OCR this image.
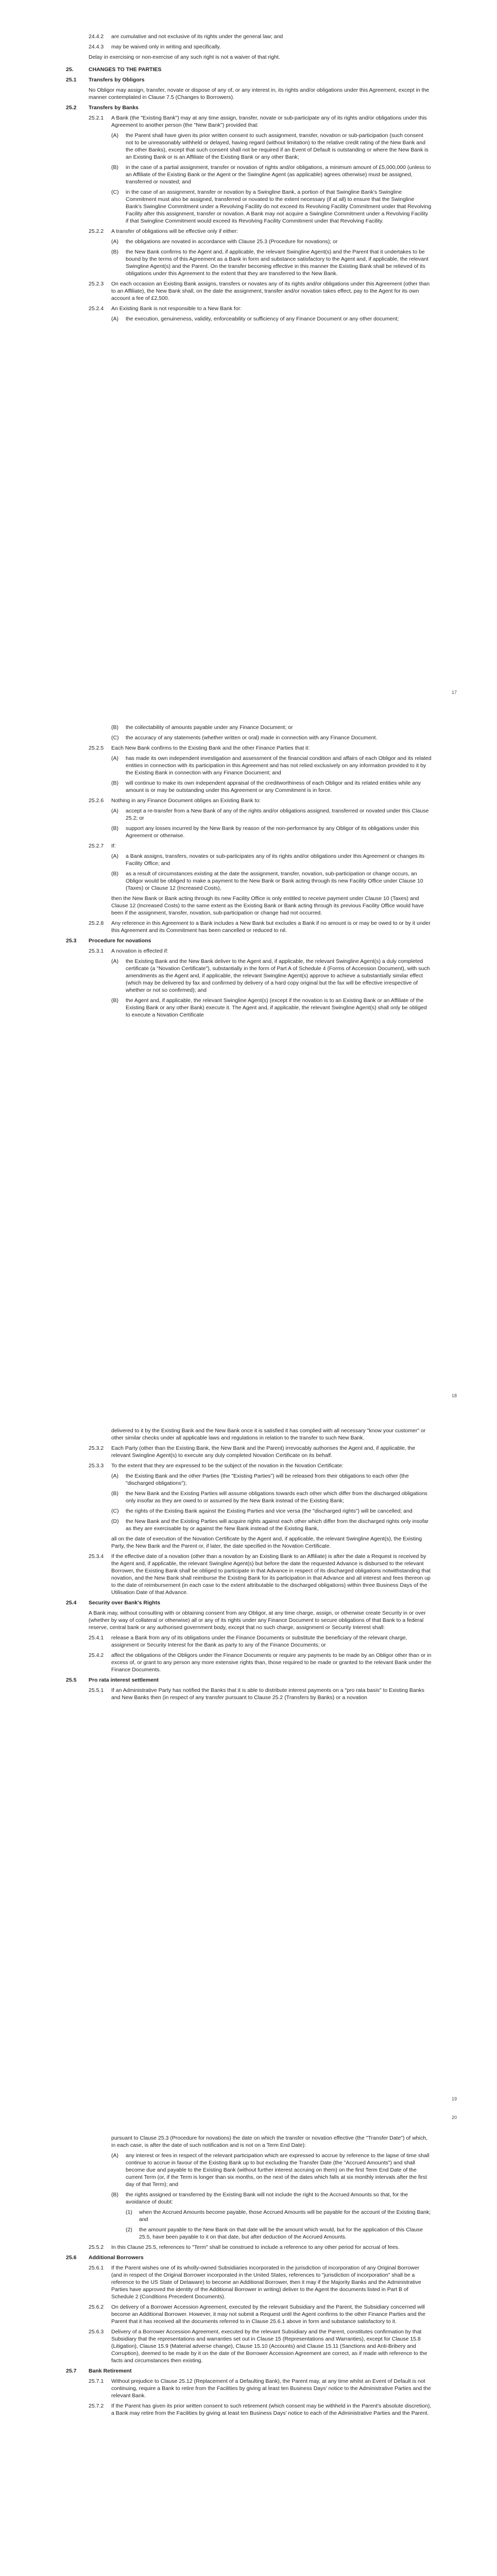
24.4.2	are cumulative and not exclusive of its rights under the general law; and
24.4.3	may be waived only in writing and specifically.
Delay in exercising or non-exercise of any such right is not a waiver of that right.
25.	CHANGES TO THE PARTIES
25.1	Transfers by Obligors
No Obligor may assign, transfer, novate or dispose of any of, or any interest in, its rights and/or obligations under this Agreement, except in the manner contemplated in Clause 7.5 (Changes to Borrowers).
25.2	Transfers by Banks
25.2.1	A Bank (the "Existing Bank") may at any time assign, transfer, novate or sub-participate any of its rights and/or obligations under this Agreement to another person (the "New Bank") provided that:
(A)	the Parent shall have given its prior written consent to such assignment, transfer, novation or sub-participation (such consent not to be unreasonably withheld or delayed, having regard (without limitation) to the relative credit rating of the New Bank and the other Banks), except that such consent shall not be required if an Event of Default is outstanding or where the New Bank is an Existing Bank or is an Affiliate of the Existing Bank or any other Bank;
(B)	in the case of a partial assignment, transfer or novation of rights and/or obligations, a minimum amount of £5,000,000 (unless to an Affiliate of the Existing Bank or the Agent or the Swingline Agent (as applicable) agrees otherwise) must be assigned, transferred or novated; and
(C)	in the case of an assignment, transfer or novation by a Swingline Bank, a portion of that Swingline Bank's Swingline Commitment must also be assigned, transferred or novated to the extent necessary (if at all) to ensure that the Swingline Bank's Swingline Commitment under a Revolving Facility do not exceed its Revolving Facility Commitment under that Revolving Facility after this assignment, transfer or novation. A Bank may not acquire a Swingline Commitment under a Revolving Facility if that Swingline Commitment would exceed its Revolving Facility Commitment under that Revolving Facility.
25.2.2	A transfer of obligations will be effective only if either:
(A)	the obligations are novated in accordance with Clause 25.3 (Procedure for novations); or
(B)	the New Bank confirms to the Agent and, if applicable, the relevant Swingline Agent(s) and the Parent that it undertakes to be bound by the terms of this Agreement as a Bank in form and substance satisfactory to the Agent and, if applicable, the relevant Swingline Agent(s) and the Parent. On the transfer becoming effective in this manner the Existing Bank shall be relieved of its obligations under this Agreement to the extent that they are transferred to the New Bank.
25.2.3	On each occasion an Existing Bank assigns, transfers or novates any of its rights and/or obligations under this Agreement (other than to an Affiliate), the New Bank shall, on the date the assignment, transfer and/or novation takes effect, pay to the Agent for its own account a fee of £2,500.
25.2.4	An Existing Bank is not responsible to a New Bank for:
(A)	the execution, genuineness, validity, enforceability or sufficiency of any Finance Document or any other document;
17
(B)	the collectability of amounts payable under any Finance Document; or
(C)	the accuracy of any statements (whether written or oral) made in connection with any Finance Document.
25.2.5	Each New Bank confirms to the Existing Bank and the other Finance Parties that it:
(A)	has made its own independent investigation and assessment of the financial condition and affairs of each Obligor and its related entities in connection with its participation in this Agreement and has not relied exclusively on any information provided to it by the Existing Bank in connection with any Finance Document; and
(B)	will continue to make its own independent appraisal of the creditworthiness of each Obligor and its related entities while any amount is or may be outstanding under this Agreement or any Commitment is in force.
25.2.6	Nothing in any Finance Document obliges an Existing Bank to:
(A)	accept a re-transfer from a New Bank of any of the rights and/or obligations assigned, transferred or novated under this Clause 25.2; or
(B)	support any losses incurred by the New Bank by reason of the non-performance by any Obligor of its obligations under this Agreement or otherwise.
25.2.7	If:
(A)	a Bank assigns, transfers, novates or sub-participates any of its rights and/or obligations under this Agreement or changes its Facility Office; and
(B)	as a result of circumstances existing at the date the assignment, transfer, novation, sub-participation or change occurs, an Obligor would be obliged to make a payment to the New Bank or Bank acting through its new Facility Office under Clause 10 (Taxes) or Clause 12 (Increased Costs),
then the New Bank or Bank acting through its new Facility Office is only entitled to receive payment under Clause 10 (Taxes) and Clause 12 (Increased Costs) to the same extent as the Existing Bank or Bank acting through its previous Facility Office would have been if the assignment, transfer, novation, sub-participation or change had not occurred.
25.2.8	Any reference in this Agreement to a Bank includes a New Bank but excludes a Bank if no amount is or may be owed to or by it under this Agreement and its Commitment has been cancelled or reduced to nil.
25.3	Procedure for novations
25.3.1	A novation is effected if:
(A)	the Existing Bank and the New Bank deliver to the Agent and, if applicable, the relevant Swingline Agent(s) a duly completed certificate (a "Novation Certificate"), substantially in the form of Part A of Schedule 4 (Forms of Accession Document), with such amendments as the Agent and, if applicable, the relevant Swingline Agent(s) approve to achieve a substantially similar effect (which may be delivered by fax and confirmed by delivery of a hard copy original but the fax will be effective irrespective of whether or not so confirmed); and
(B)	the Agent and, if applicable, the relevant Swingline Agent(s) (except if the novation is to an Existing Bank or an Affiliate of the Existing Bank or any other Bank) execute it. The Agent and, if applicable, the relevant Swingline Agent(s) shall only be obliged to execute a Novation Certificate
18
delivered to it by the Existing Bank and the New Bank once it is satisfied it has complied with all necessary "know your customer" or other similar checks under all applicable laws and regulations in relation to the transfer to such New Bank.
25.3.2	Each Party (other than the Existing Bank, the New Bank and the Parent) irrevocably authorises the Agent and, if applicable, the relevant Swingline Agent(s) to execute any duly completed Novation Certificate on its behalf.
25.3.3	To the extent that they are expressed to be the subject of the novation in the Novation Certificate:
(A)	the Existing Bank and the other Parties (the "Existing Parties") will be released from their obligations to each other (the "discharged obligations");
(B)	the New Bank and the Existing Parties will assume obligations towards each other which differ from the discharged obligations only insofar as they are owed to or assumed by the New Bank instead of the Existing Bank;
(C)	the rights of the Existing Bank against the Existing Parties and vice versa (the "discharged rights") will be cancelled; and
(D)	the New Bank and the Existing Parties will acquire rights against each other which differ from the discharged rights only insofar as they are exercisable by or against the New Bank instead of the Existing Bank,
all on the date of execution of the Novation Certificate by the Agent and, if applicable, the relevant Swingline Agent(s), the Existing Party, the New Bank and the Parent or, if later, the date specified in the Novation Certificate.
25.3.4	If the effective date of a novation (other than a novation by an Existing Bank to an Affiliate) is after the date a Request is received by the Agent and, if applicable, the relevant Swingline Agent(s) but before the date the requested Advance is disbursed to the relevant Borrower, the Existing Bank shall be obliged to participate in that Advance in respect of its discharged obligations notwithstanding that novation, and the New Bank shall reimburse the Existing Bank for its participation in that Advance and all interest and fees thereon up to the date of reimbursement (in each case to the extent attributable to the discharged obligations) within three Business Days of the Utilisation Date of that Advance.
25.4	Security over Bank's Rights
A Bank may, without consulting with or obtaining consent from any Obligor, at any time charge, assign, or otherwise create Security in or over (whether by way of collateral or otherwise) all or any of its rights under any Finance Document to secure obligations of that Bank to a federal reserve, central bank or any authorised government body, except that no such charge, assignment or Security Interest shall:
25.4.1	release a Bank from any of its obligations under the Finance Documents or substitute the beneficiary of the relevant charge, assignment or Security Interest for the Bank as party to any of the Finance Documents; or
25.4.2	affect the obligations of the Obligors under the Finance Documents or require any payments to be made by an Obligor other than or in excess of, or grant to any person any more extensive rights than, those required to be made or granted to the relevant Bank under the Finance Documents.
25.5	Pro rata interest settlement
25.5.1	If an Administrative Party has notified the Banks that it is able to distribute interest payments on a "pro rata basis" to Existing Banks and New Banks then (in respect of any transfer pursuant to Clause 25.2 (Transfers by Banks) or a novation
19
20
pursuant to Clause 25.3 (Procedure for novations) the date on which the transfer or novation effective (the "Transfer Date") of which, in each case, is after the date of such notification and is not on a Term End Date):
(A)	any interest or fees in respect of the relevant participation which are expressed to accrue by reference to the lapse of time shall continue to accrue in favour of the Existing Bank up to but excluding the Transfer Date (the "Accrued Amounts") and shall become due and payable to the Existing Bank (without further interest accruing on them) on the first Term End Date of the current Term (or, if the Term is longer than six months, on the next of the dates which falls at six monthly intervals after the first day of that Term); and
(B)	the rights assigned or transferred by the Existing Bank will not include the right to the Accrued Amounts so that, for the avoidance of doubt:
(1)	when the Accrued Amounts become payable, those Accrued Amounts will be payable for the account of the Existing Bank; and
(2)	the amount payable to the New Bank on that date will be the amount which would, but for the application of this Clause 25.5, have been payable to it on that date, but after deduction of the Accrued Amounts.
25.5.2	In this Clause 25.5, references to "Term" shall be construed to include a reference to any other period for accrual of fees.
25.6	Additional Borrowers
25.6.1	If the Parent wishes one of its wholly-owned Subsidiaries incorporated in the jurisdiction of incorporation of any Original Borrower (and in respect of the Original Borrower incorporated in the United States, references to "jurisdiction of incorporation" shall be a reference to the US State of Delaware) to become an Additional Borrower, then it may if the Majority Banks and the Administrative Parties have approved the identity of the Additional Borrower in writing) deliver to the Agent the documents listed in Part B of Schedule 2 (Conditions Precedent Documents).
25.6.2	On delivery of a Borrower Accession Agreement, executed by the relevant Subsidiary and the Parent, the Subsidiary concerned will become an Additional Borrower. However, it may not submit a Request until the Agent confirms to the other Finance Parties and the Parent that it has received all the documents referred to in Clause 25.6.1 above in form and substance satisfactory to it.
25.6.3	Delivery of a Borrower Accession Agreement, executed by the relevant Subsidiary and the Parent, constitutes confirmation by that Subsidiary that the representations and warranties set out in Clause 15 (Representations and Warranties), except for Clause 15.8 (Litigation), Clause 15.9 (Material adverse change), Clause 15.10 (Accounts) and Clause 15.11 (Sanctions and Anti-Bribery and Corruption), deemed to be made by it on the date of the Borrower Accession Agreement are correct, as if made with reference to the facts and circumstances then existing.
25.7	Bank Retirement
25.7.1	Without prejudice to Clause 25.12 (Replacement of a Defaulting Bank), the Parent may, at any time whilst an Event of Default is not continuing, require a Bank to retire from the Facilities by giving at least ten Business Days' notice to the Administrative Parties and the relevant Bank.
25.7.2	If the Parent has given its prior written consent to such retirement (which consent may be withheld in the Parent's absolute discretion), a Bank may retire from the Facilities by giving at least ten Business Days' notice to each of the Administrative Parties and the Parent.
